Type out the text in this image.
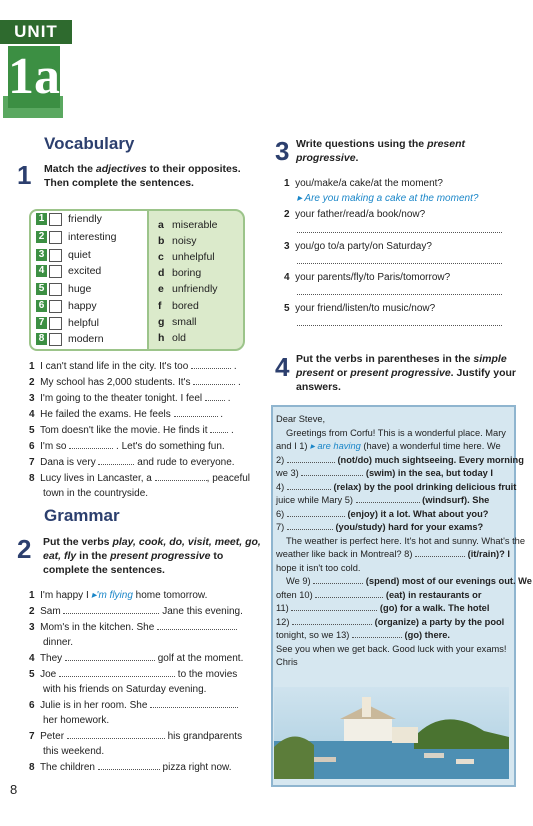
UNIT
1a
Vocabulary
1 Match the adjectives to their opposites.
Then complete the sentences.
1 friendly
2 interesting
3 quiet
4 excited
5 huge
6 happy
7 helpful
8 modern
a miserable
b noisy
c unhelpful
d boring
e unfriendly
f bored
g small
h old
1 I can't stand life in the city. It's too	.
2 My school has 2,000 students. It's	.
3 I'm going to the theater tonight. I feel  .
4 He failed the exams. He feels	.
5 Tom doesn't like the movie. He finds it  .
6 I'm so	. Let's do something fun.
7 Dana is very	and rude to everyone.
8 Lucy lives in Lancaster, a	, peaceful
town in the countryside.
Grammar
2 Put the verbs play, cook, do, visit, meet, go,
eat, fly in the present progressive to
complete the sentences.
1 I'm happy I ▸'m flying home tomorrow.
2 Sam	Jane this evening.
3 Mom's in the kitchen. She
dinner.
4 They	golf at the moment.
5 Joe	to the movies
with his friends on Saturday evening.
6 Julie is in her room. She
her homework.
7 Peter	his grandparents
this weekend.
8 The children	pizza right now.
3 Write questions using the present
progressive.
1 you/make/a cake/at the moment?
▸ Are you making a cake at the moment?
2 your father/read/a book/now?
3 you/go to/a party/on Saturday?
4 your parents/fly/to Paris/tomorrow?
5 your friend/listen/to music/now?
4 Put the verbs in parentheses in the simple
present or present progressive. Justify your
answers.
Dear Steve,
Greetings from Corfu! This is a wonderful place. Mary
and I 1) ▸ are having (have) a wonderful time here. We
2)	(not/do) much sightseeing. Every morning
we 3)	(swim) in the sea, but today I
4)	(relax) by the pool drinking delicious fruit
juice while Mary 5)	(windsurf). She
6)	(enjoy) it a lot. What about you?
7)	(you/study) hard for your exams?
The weather is perfect here. It's hot and sunny. What's the
weather like back in Montreal? 8)	(it/rain)? I
hope it isn't too cold.
We 9)	(spend) most of our evenings out. We
often 10)	(eat) in restaurants or
11)	(go) for a walk. The hotel
12)	(organize) a party by the pool
tonight, so we 13)	(go) there.
See you when we get back. Good luck with your exams!
Chris
8
